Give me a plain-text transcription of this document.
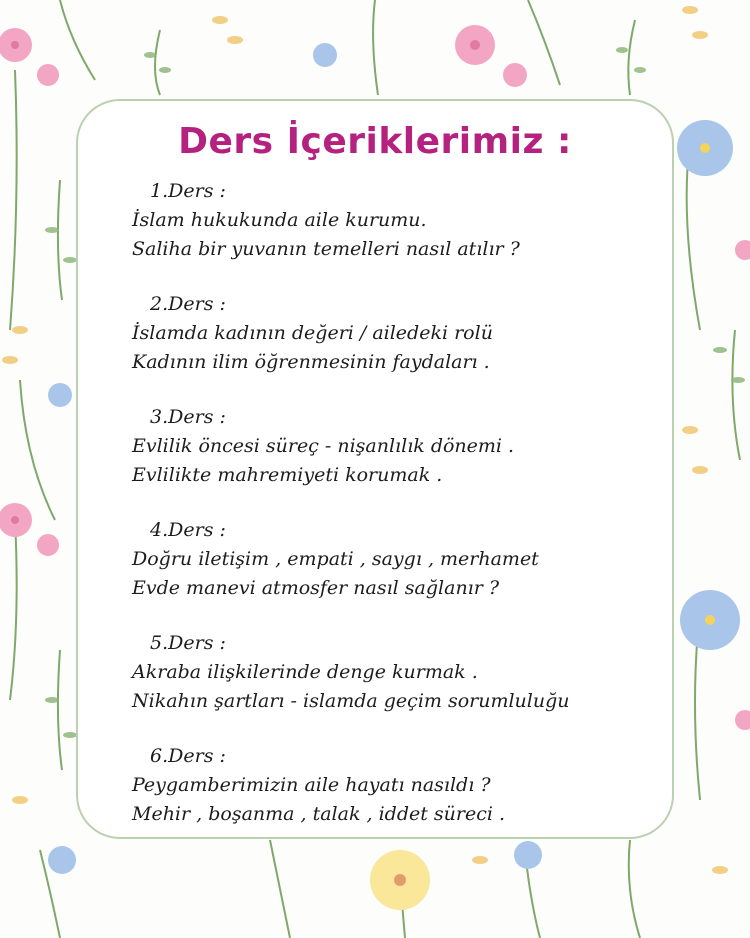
Ders İçeriklerimiz :
1.Ders :
İslam hukukunda aile kurumu.
Saliha bir yuvanın temelleri nasıl atılır ?
2.Ders :
İslamda kadının değeri / ailedeki rolü
Kadının ilim öğrenmesinin faydaları .
3.Ders :
Evlilik öncesi süreç - nişanlılık dönemi .
Evlilikte mahremiyeti korumak .
4.Ders :
Doğru iletişim , empati , saygı , merhamet
Evde manevi atmosfer nasıl sağlanır ?
5.Ders :
Akraba ilişkilerinde denge kurmak .
Nikahın şartları - islamda geçim sorumluluğu
6.Ders :
Peygamberimizin aile hayatı nasıldı ?
Mehir , boşanma , talak , iddet süreci .
